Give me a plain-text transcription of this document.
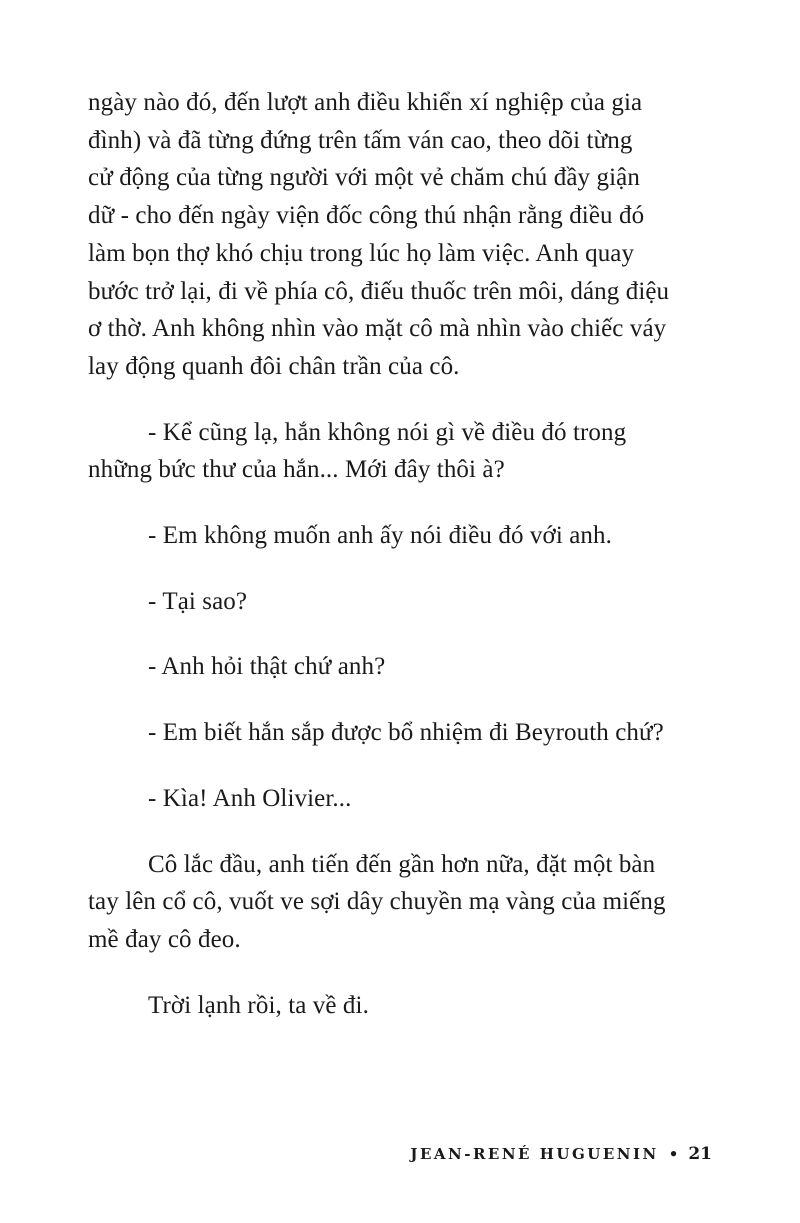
ngày nào đó, đến lượt anh điều khiển xí nghiệp của gia
đình) và đã từng đứng trên tấm ván cao, theo dõi từng
cử động của từng người với một vẻ chăm chú đầy giận
dữ - cho đến ngày viện đốc công thú nhận rằng điều đó
làm bọn thợ khó chịu trong lúc họ làm việc. Anh quay
bước trở lại, đi về phía cô, điếu thuốc trên môi, dáng điệu
ơ thờ. Anh không nhìn vào mặt cô mà nhìn vào chiếc váy
lay động quanh đôi chân trần của cô.
- Kể cũng lạ, hắn không nói gì về điều đó trong
những bức thư của hắn... Mới đây thôi à?
- Em không muốn anh ấy nói điều đó với anh.
- Tại sao?
- Anh hỏi thật chứ anh?
- Em biết hắn sắp được bổ nhiệm đi Beyrouth chứ?
- Kìa! Anh Olivier...
Cô lắc đầu, anh tiến đến gần hơn nữa, đặt một bàn
tay lên cổ cô, vuốt ve sợi dây chuyền mạ vàng của miếng
mề đay cô đeo.
Trời lạnh rồi, ta về đi.
JEAN-RENÉ HUGUENIN • 21
